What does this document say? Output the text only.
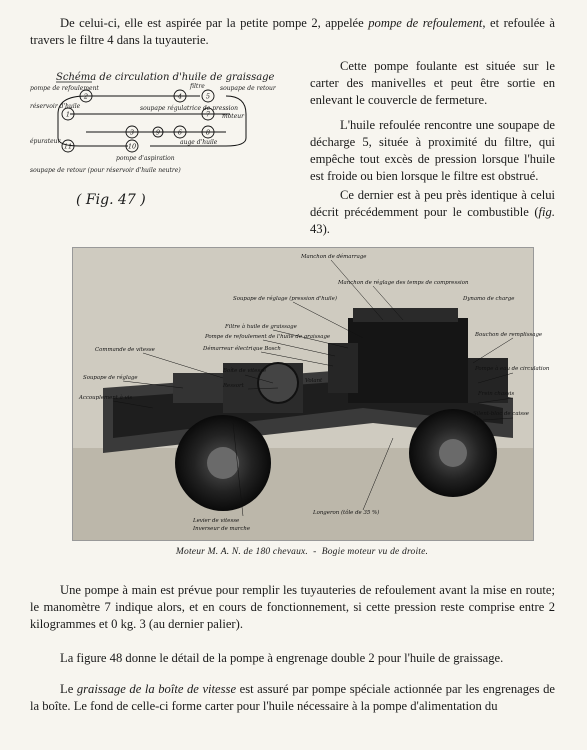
De celui-ci, elle est aspirée par la petite pompe 2, appelée pompe de refoulement, et refoulée à travers le filtre 4 dans la tuyauterie.

Schéma de circulation d'huile de graissage
2	4	5
1
3	6
7
8
9
10
11
pompe de refoulement	filtre	soupape de retour
réservoir d'huile	soupape régulatrice de pression
moteur
épurateur	auge d'huile
pompe d'aspiration
soupape de retour (pour réservoir d'huile neutre)
( Fig. 47 )

Cette pompe foulante est située sur le carter des manivelles et peut être sortie en enlevant le couvercle de fermeture.

L'huile refoulée rencontre une soupape de décharge 5, située à proximité du filtre, qui empêche tout excès de pression lorsque l'huile est froide ou bien lorsque le filtre est obstrué.

Ce dernier est à peu près identique à celui décrit précédemment pour le combustible (fig. 43).

Manchon de démarrage
Manchon de réglage des temps de compression
Soupape de réglage (pression d'huile)
Filtre à huile de graissage
Pompe de refoulement de l'huile de graissage
Démarreur électrique Bosch
Boîte de vitesse
Ressort
Commande de vitesse
Soupape de réglage
Accouplement à vis
Volant
Dynamo de charge
Bouchon de remplissage
Pompe à eau de circulation
Frein chassis
Silent-bloc de caisse
Longeron (tôle de 35 %)
Levier de vitesse
Inverseur de marche
Moteur M. A. N. de 180 chevaux. - Bogie moteur vu de droite.

Une pompe à main est prévue pour remplir les tuyauteries de refoulement avant la mise en route; le manomètre 7 indique alors, et en cours de fonctionnement, si cette pression reste comprise entre 2 kilogrammes et 0 kg. 3 (au dernier palier).

La figure 48 donne le détail de la pompe à engrenage double 2 pour l'huile de graissage.

Le graissage de la boîte de vitesse est assuré par pompe spéciale actionnée par les engrenages de la boîte. Le fond de celle-ci forme carter pour l'huile nécessaire à la pompe d'alimentation du
